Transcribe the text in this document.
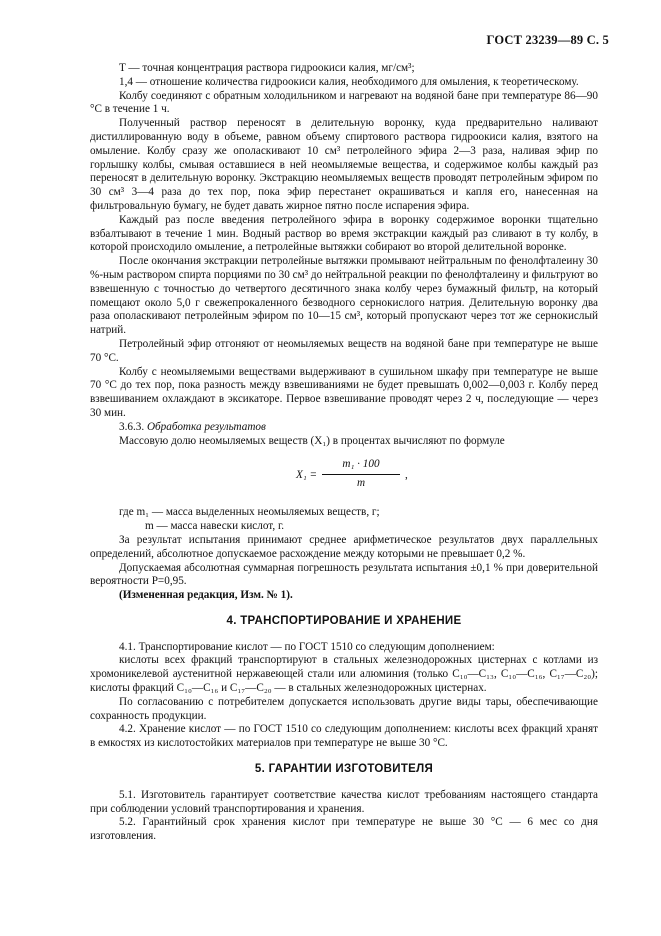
ГОСТ 23239—89 С. 5

T — точная концентрация раствора гидроокиси калия, мг/см³;

1,4 — отношение количества гидроокиси калия, необходимого для омыления, к теоретическому.

Колбу соединяют с обратным холодильником и нагревают на водяной бане при температуре 86—90 °С в течение 1 ч.

Полученный раствор переносят в делительную воронку, куда предварительно наливают дистиллированную воду в объеме, равном объему спиртового раствора гидроокиси калия, взятого на омыление. Колбу сразу же ополаскивают 10 см³ петролейного эфира 2—3 раза, наливая эфир по горлышку колбы, смывая оставшиеся в ней неомыляемые вещества, и содержимое колбы каждый раз переносят в делительную воронку. Экстракцию неомыляемых веществ проводят петролейным эфиром по 30 см³ 3—4 раза до тех пор, пока эфир перестанет окрашиваться и капля его, нанесенная на фильтровальную бумагу, не будет давать жирное пятно после испарения эфира.

Каждый раз после введения петролейного эфира в воронку содержимое воронки тщательно взбалтывают в течение 1 мин. Водный раствор во время экстракции каждый раз сливают в ту колбу, в которой происходило омыление, а петролейные вытяжки собирают во второй делительной воронке.

После окончания экстракции петролейные вытяжки промывают нейтральным по фенолфталеину 30 %-ным раствором спирта порциями по 30 см³ до нейтральной реакции по фенолфталеину и фильтруют во взвешенную с точностью до четвертого десятичного знака колбу через бумажный фильтр, на который помещают около 5,0 г свежепрокаленного безводного сернокислого натрия. Делительную воронку два раза ополаскивают петролейным эфиром по 10—15 см³, который пропускают через тот же сернокислый натрий.

Петролейный эфир отгоняют от неомыляемых веществ на водяной бане при температуре не выше 70 °С.

Колбу с неомыляемыми веществами выдерживают в сушильном шкафу при температуре не выше 70 °С до тех пор, пока разность между взвешиваниями не будет превышать 0,002—0,003 г. Колбу перед взвешиванием охлаждают в эксикаторе. Первое взвешивание проводят через 2 ч, последующие — через 30 мин.

3.6.3. Обработка результатов

Массовую долю неомыляемых веществ (X₁) в процентах вычисляют по формуле

$X_1 = \frac{\text{m₁ · 100}}{m}$ ,

где m₁ — масса выделенных неомыляемых веществ, г;

m — масса навески кислот, г.

За результат испытания принимают среднее арифметическое результатов двух параллельных определений, абсолютное допускаемое расхождение между которыми не превышает 0,2 %.

Допускаемая абсолютная суммарная погрешность результата испытания ±0,1 % при доверительной вероятности P=0,95.

(Измененная редакция, Изм. № 1).

4. ТРАНСПОРТИРОВАНИЕ И ХРАНЕНИЕ

4.1. Транспортирование кислот — по ГОСТ 1510 со следующим дополнением:

кислоты всех фракций транспортируют в стальных железнодорожных цистернах с котлами из хромоникелевой аустенитной нержавеющей стали или алюминия (только С₁₀—С₁₃, С₁₀—С₁₆, С₁₇—С₂₀); кислоты фракций С₁₀—С₁₆ и С₁₇—С₂₀ — в стальных железнодорожных цистернах.

По согласованию с потребителем допускается использовать другие виды тары, обеспечивающие сохранность продукции.

4.2. Хранение кислот — по ГОСТ 1510 со следующим дополнением: кислоты всех фракций хранят в емкостях из кислотостойких материалов при температуре не выше 30 °С.

5. ГАРАНТИИ ИЗГОТОВИТЕЛЯ

5.1. Изготовитель гарантирует соответствие качества кислот требованиям настоящего стандарта при соблюдении условий транспортирования и хранения.

5.2. Гарантийный срок хранения кислот при температуре не выше 30 °С — 6 мес со дня изготовления.
